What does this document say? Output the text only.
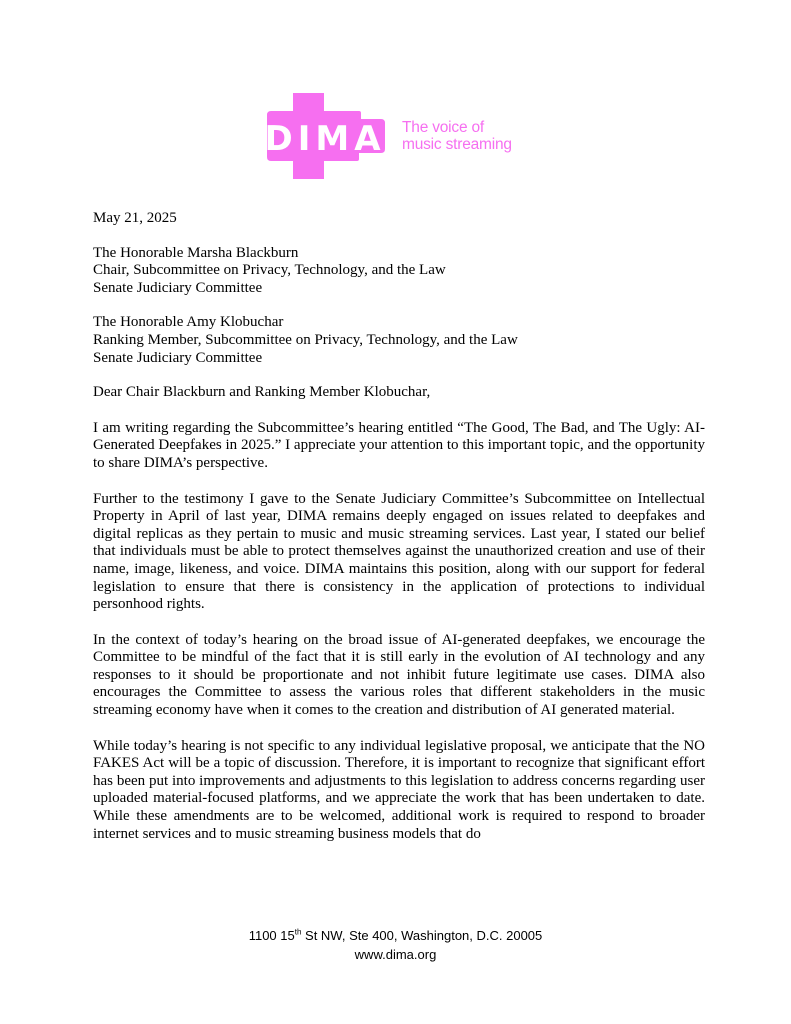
DIMA The voice of
music streaming

May 21, 2025

The Honorable Marsha Blackburn
Chair, Subcommittee on Privacy, Technology, and the Law
Senate Judiciary Committee
The Honorable Amy Klobuchar
Ranking Member, Subcommittee on Privacy, Technology, and the Law
Senate Judiciary Committee

Dear Chair Blackburn and Ranking Member Klobuchar,

I am writing regarding the Subcommittee’s hearing entitled “The Good, The Bad, and The Ugly: AI-Generated Deepfakes in 2025.” I appreciate your attention to this important topic, and the opportunity to share DIMA’s perspective.

Further to the testimony I gave to the Senate Judiciary Committee’s Subcommittee on Intellectual Property in April of last year, DIMA remains deeply engaged on issues related to deepfakes and digital replicas as they pertain to music and music streaming services. Last year, I stated our belief that individuals must be able to protect themselves against the unauthorized creation and use of their name, image, likeness, and voice. DIMA maintains this position, along with our support for federal legislation to ensure that there is consistency in the application of protections to individual personhood rights.

In the context of today’s hearing on the broad issue of AI-generated deepfakes, we encourage the Committee to be mindful of the fact that it is still early in the evolution of AI technology and any responses to it should be proportionate and not inhibit future legitimate use cases. DIMA also encourages the Committee to assess the various roles that different stakeholders in the music streaming economy have when it comes to the creation and distribution of AI generated material.

While today’s hearing is not specific to any individual legislative proposal, we anticipate that the NO FAKES Act will be a topic of discussion. Therefore, it is important to recognize that significant effort has been put into improvements and adjustments to this legislation to address concerns regarding user uploaded material-focused platforms, and we appreciate the work that has been undertaken to date. While these amendments are to be welcomed, additional work is required to respond to broader internet services and to music streaming business models that do

1100 15th St NW, Ste 400, Washington, D.C. 20005
www.dima.org
